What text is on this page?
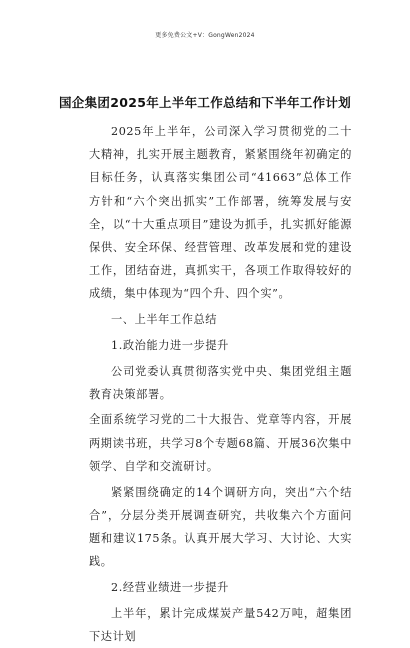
更多免费公文+V：GongWen2024
国企集团2025年上半年工作总结和下半年工作计划

2025年上半年，公司深入学习贯彻党的二十大精神，扎实开展主题教育，紧紧围绕年初确定的目标任务，认真落实集团公司“41663”总体工作方针和“六个突出抓实”工作部署，统筹发展与安全，以“十大重点项目”建设为抓手，扎实抓好能源保供、安全环保、经营管理、改革发展和党的建设工作，团结奋进，真抓实干，各项工作取得较好的成绩，集中体现为“四个升、四个实”。

一、上半年工作总结

1.政治能力进一步提升

公司党委认真贯彻落实党中央、集团党组主题教育决策部署。

全面系统学习党的二十大报告、党章等内容，开展两期读书班，共学习8个专题68篇、开展36次集中领学、自学和交流研讨。

紧紧围绕确定的14个调研方向，突出“六个结合”，分层分类开展调查研究，共收集六个方面问题和建议175条。认真开展大学习、大讨论、大实践。

2.经营业绩进一步提升

上半年，累计完成煤炭产量542万吨，超集团下达计划
